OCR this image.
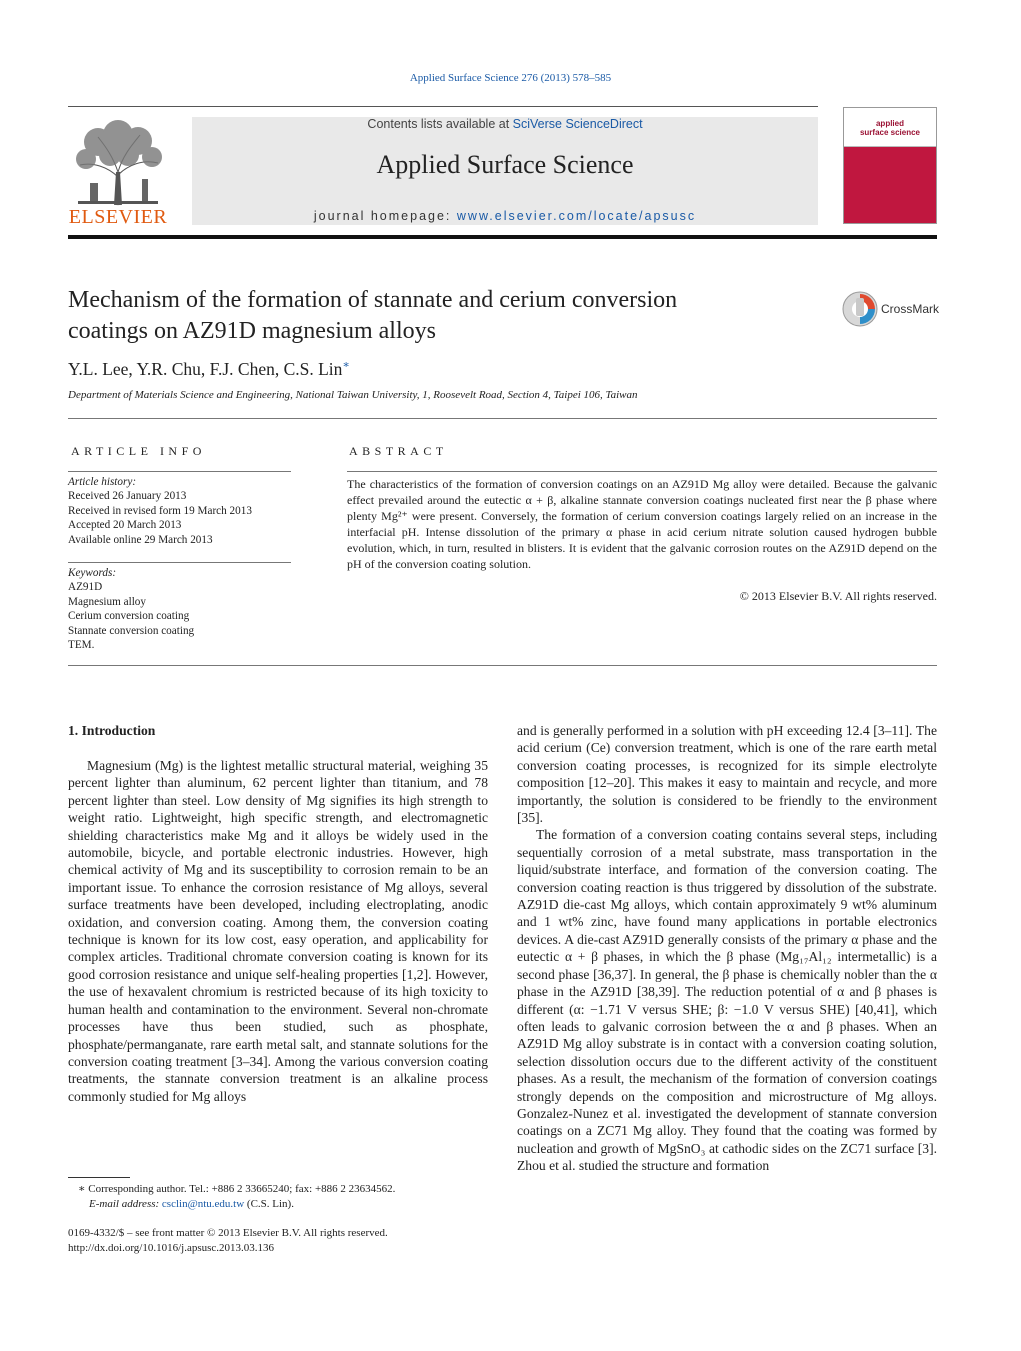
Applied Surface Science 276 (2013) 578–585
ELSEVIER
Contents lists available at SciVerse ScienceDirect
Applied Surface Science
journal homepage: www.elsevier.com/locate/apsusc
applied
surface science
Mechanism of the formation of stannate and cerium conversion
coatings on AZ91D magnesium alloys
CrossMark
Y.L. Lee, Y.R. Chu, F.J. Chen, C.S. Lin∗
Department of Materials Science and Engineering, National Taiwan University, 1, Roosevelt Road, Section 4, Taipei 106, Taiwan
ARTICLE INFO
Article history:
Received 26 January 2013
Received in revised form 19 March 2013
Accepted 20 March 2013
Available online 29 March 2013
Keywords:
AZ91D
Magnesium alloy
Cerium conversion coating
Stannate conversion coating
TEM.
ABSTRACT
The characteristics of the formation of conversion coatings on an AZ91D Mg alloy were detailed. Because the galvanic effect prevailed around the eutectic α + β, alkaline stannate conversion coatings nucleated first near the β phase where plenty Mg²⁺ were present. Conversely, the formation of cerium conversion coatings largely relied on an increase in the interfacial pH. Intense dissolution of the primary α phase in acid cerium nitrate solution caused hydrogen bubble evolution, which, in turn, resulted in blisters. It is evident that the galvanic corrosion routes on the AZ91D depend on the pH of the conversion coating solution.
© 2013 Elsevier B.V. All rights reserved.
1. Introduction

Magnesium (Mg) is the lightest metallic structural material, weighing 35 percent lighter than aluminum, 62 percent lighter than titanium, and 78 percent lighter than steel. Low density of Mg signifies its high strength to weight ratio. Lightweight, high specific strength, and electromagnetic shielding characteristics make Mg and it alloys be widely used in the automobile, bicycle, and portable electronic industries. However, high chemical activity of Mg and its susceptibility to corrosion remain to be an important issue. To enhance the corrosion resistance of Mg alloys, several surface treatments have been developed, including electroplating, anodic oxidation, and conversion coating. Among them, the conversion coating technique is known for its low cost, easy operation, and applicability for complex articles. Traditional chromate conversion coating is known for its good corrosion resistance and unique self-healing properties [1,2]. However, the use of hexavalent chromium is restricted because of its high toxicity to human health and contamination to the environment. Several non-chromate processes have thus been studied, such as phosphate, phosphate/permanganate, rare earth metal salt, and stannate solutions for the conversion coating treatment [3–34]. Among the various conversion coating treatments, the stannate conversion treatment is an alkaline process commonly studied for Mg alloys

and is generally performed in a solution with pH exceeding 12.4 [3–11]. The acid cerium (Ce) conversion treatment, which is one of the rare earth metal conversion coating processes, is recognized for its simple electrolyte composition [12–20]. This makes it easy to maintain and recycle, and more importantly, the solution is considered to be friendly to the environment [35].

The formation of a conversion coating contains several steps, including sequentially corrosion of a metal substrate, mass transportation in the liquid/substrate interface, and formation of the conversion coating. The conversion coating reaction is thus triggered by dissolution of the substrate. AZ91D die-cast Mg alloys, which contain approximately 9 wt% aluminum and 1 wt% zinc, have found many applications in portable electronics devices. A die-cast AZ91D generally consists of the primary α phase and the eutectic α + β phases, in which the β phase (Mg₁₇Al₁₂ intermetallic) is a second phase [36,37]. In general, the β phase is chemically nobler than the α phase in the AZ91D [38,39]. The reduction potential of α and β phases is different (α: −1.71 V versus SHE; β: −1.0 V versus SHE) [40,41], which often leads to galvanic corrosion between the α and β phases. When an AZ91D Mg alloy substrate is in contact with a conversion coating solution, selection dissolution occurs due to the different activity of the constituent phases. As a result, the mechanism of the formation of conversion coatings strongly depends on the composition and microstructure of Mg alloys. Gonzalez-Nunez et al. investigated the development of stannate conversion coatings on a ZC71 Mg alloy. They found that the coating was formed by nucleation and growth of MgSnO₃ at cathodic sides on the ZC71 surface [3]. Zhou et al. studied the structure and formation

∗ Corresponding author. Tel.: +886 2 33665240; fax: +886 2 23634562.
E-mail address: csclin@ntu.edu.tw (C.S. Lin).
0169-4332/$ – see front matter © 2013 Elsevier B.V. All rights reserved.
http://dx.doi.org/10.1016/j.apsusc.2013.03.136
